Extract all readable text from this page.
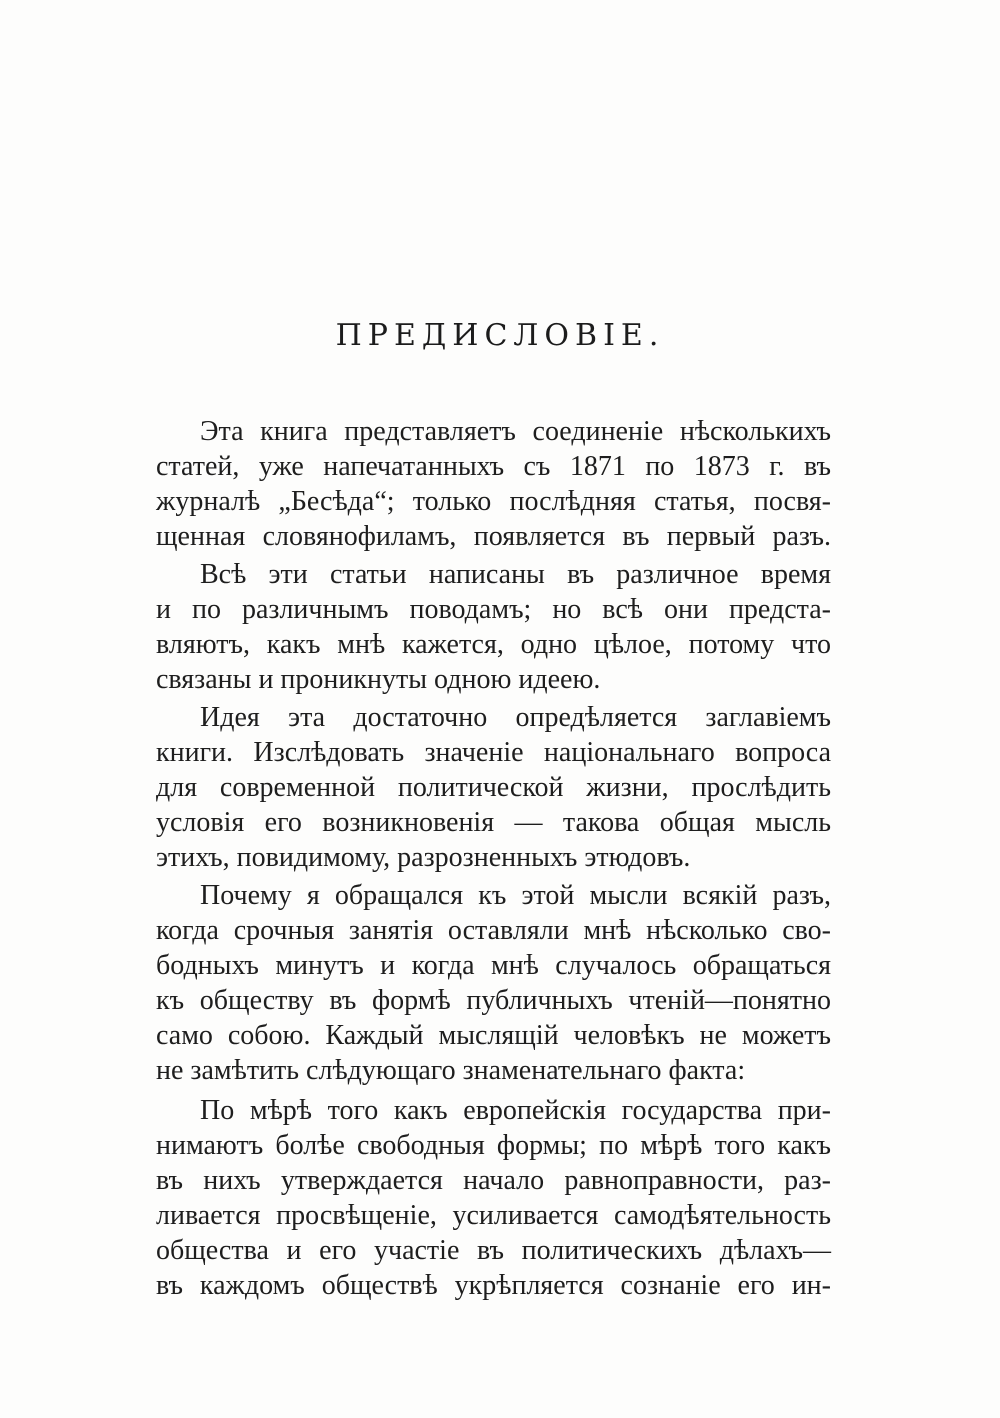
ПРЕДИСЛОВІЕ.
Эта книга представляетъ соединеніе нѣсколькихъ
статей, уже напечатанныхъ съ 1871 по 1873 г. въ
журналѣ „Бесѣда“; только послѣдняя статья, посвя-
щенная словянофиламъ, появляется въ первый разъ.
Всѣ эти статьи написаны въ различное время
и по различнымъ поводамъ; но всѣ они предста-
вляютъ, какъ мнѣ кажется, одно цѣлое, потому что
связаны и проникнуты одною идеею.
Идея эта достаточно опредѣляется заглавіемъ
книги. Изслѣдовать значеніе національнаго вопроса
для современной политической жизни, прослѣдить
условія его возникновенія — такова общая мысль
этихъ, повидимому, разрозненныхъ этюдовъ.
Почему я обращался къ этой мысли всякій разъ,
когда срочныя занятія оставляли мнѣ нѣсколько сво-
бодныхъ минутъ и когда мнѣ случалось обращаться
къ обществу въ формѣ публичныхъ чтеній—понятно
само собою. Каждый мыслящій человѣкъ не можетъ
не замѣтить слѣдующаго знаменательнаго факта:
По мѣрѣ того какъ европейскія государства при-
нимаютъ болѣе свободныя формы; по мѣрѣ того какъ
въ нихъ утверждается начало равноправности, раз-
ливается просвѣщеніе, усиливается самодѣятельность
общества и его участіе въ политическихъ дѣлахъ—
въ каждомъ обществѣ укрѣпляется сознаніе его ин-
